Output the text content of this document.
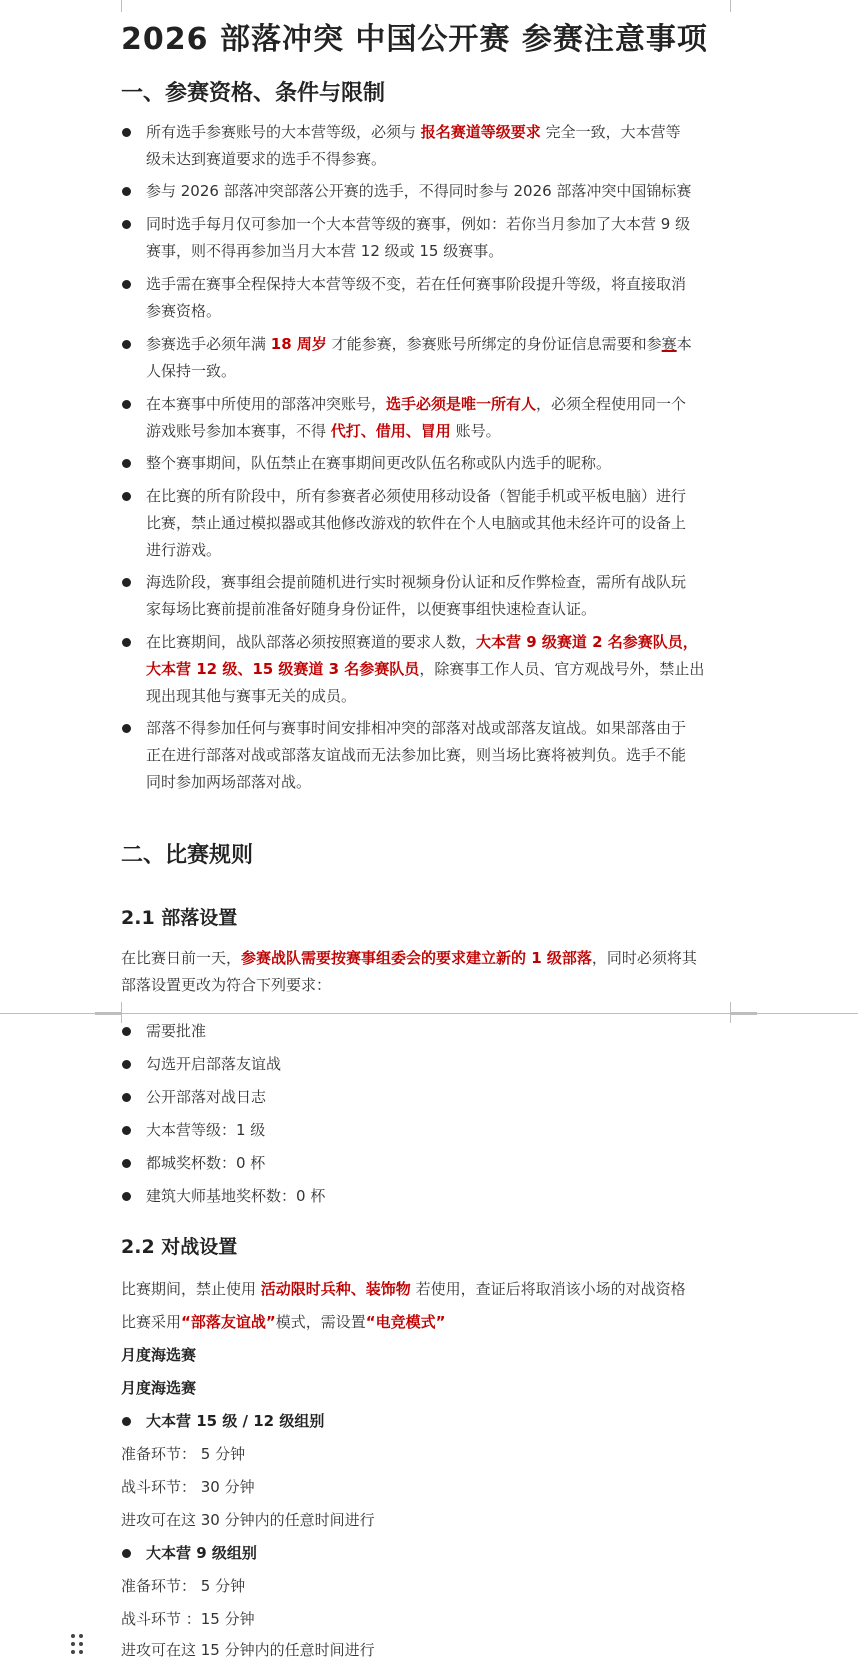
2026 部落冲突 中国公开赛 参赛注意事项
一、参赛资格、条件与限制
所有选手参赛账号的大本营等级，必须与 报名赛道等级要求 完全一致，大本营等
级未达到赛道要求的选手不得参赛。
参与 2026 部落冲突部落公开赛的选手，不得同时参与 2026 部落冲突中国锦标赛
同时选手每月仅可参加一个大本营等级的赛事，例如：若你当月参加了大本营 9 级
赛事，则不得再参加当月大本营 12 级或 15 级赛事。
选手需在赛事全程保持大本营等级不变，若在任何赛事阶段提升等级，将直接取消
参赛资格。
参赛选手必须年满 18 周岁 才能参赛，参赛账号所绑定的身份证信息需要和参赛本
人保持一致。
在本赛事中所使用的部落冲突账号，选手必须是唯一所有人，必须全程使用同一个
游戏账号参加本赛事，不得 代打、借用、冒用 账号。
整个赛事期间，队伍禁止在赛事期间更改队伍名称或队内选手的昵称。
在比赛的所有阶段中，所有参赛者必须使用移动设备（智能手机或平板电脑）进行
比赛，禁止通过模拟器或其他修改游戏的软件在个人电脑或其他未经许可的设备上
进行游戏。
海选阶段，赛事组会提前随机进行实时视频身份认证和反作弊检查，需所有战队玩
家每场比赛前提前准备好随身身份证件，以便赛事组快速检查认证。
在比赛期间，战队部落必须按照赛道的要求人数，大本营 9 级赛道 2 名参赛队员，
大本营 12 级、15 级赛道 3 名参赛队员，除赛事工作人员、官方观战号外，禁止出
现出现其他与赛事无关的成员。
部落不得参加任何与赛事时间安排相冲突的部落对战或部落友谊战。如果部落由于
正在进行部落对战或部落友谊战而无法参加比赛，则当场比赛将被判负。选手不能
同时参加两场部落对战。
二、比赛规则
2.1 部落设置
在比赛日前一天，参赛战队需要按赛事组委会的要求建立新的 1 级部落，同时必须将其
部落设置更改为符合下列要求：
需要批准
勾选开启部落友谊战
公开部落对战日志
大本营等级：1 级
都城奖杯数：0 杯
建筑大师基地奖杯数：0 杯
2.2 对战设置
比赛期间，禁止使用 活动限时兵种、装饰物 若使用，查证后将取消该小场的对战资格
比赛采用“部落友谊战”模式，需设置“电竞模式”
月度海选赛
月度海选赛
大本营 15 级 / 12 级组别
准备环节： 5 分钟
战斗环节： 30 分钟
进攻可在这 30 分钟内的任意时间进行
大本营 9 级组别
准备环节： 5 分钟
战斗环节 ：15 分钟
进攻可在这 15 分钟内的任意时间进行
